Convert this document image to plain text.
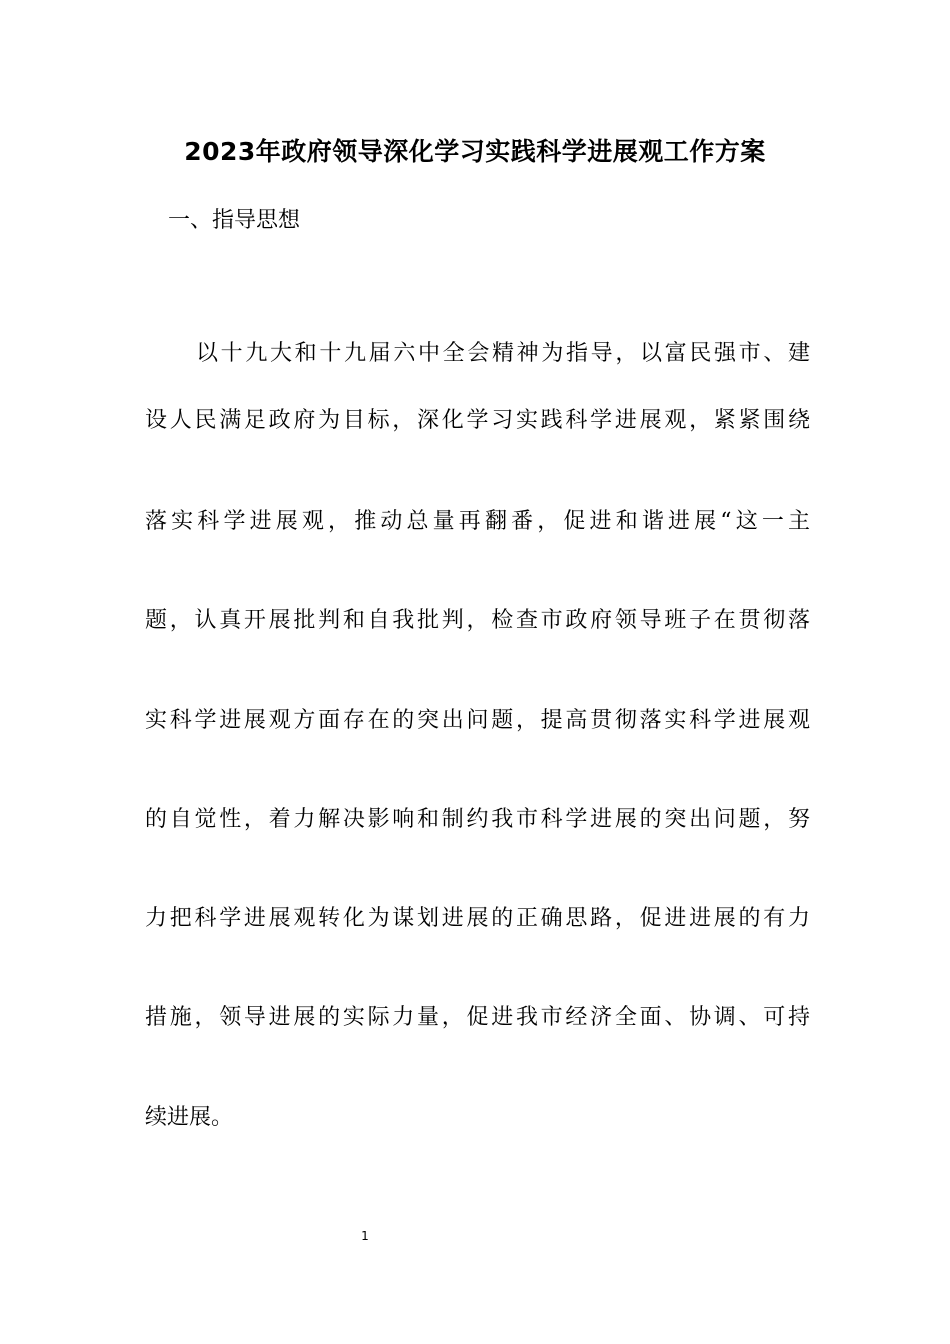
2023年政府领导深化学习实践科学进展观工作方案
一、指导思想
以十九大和十九届六中全会精神为指导，以富民强市、建
设人民满足政府为目标，深化学习实践科学进展观，紧紧围绕
落实科学进展观，推动总量再翻番，促进和谐进展“这一主
题，认真开展批判和自我批判，检查市政府领导班子在贯彻落
实科学进展观方面存在的突出问题，提高贯彻落实科学进展观
的自觉性，着力解决影响和制约我市科学进展的突出问题，努
力把科学进展观转化为谋划进展的正确思路，促进进展的有力
措施，领导进展的实际力量，促进我市经济全面、协调、可持
续进展。
1
